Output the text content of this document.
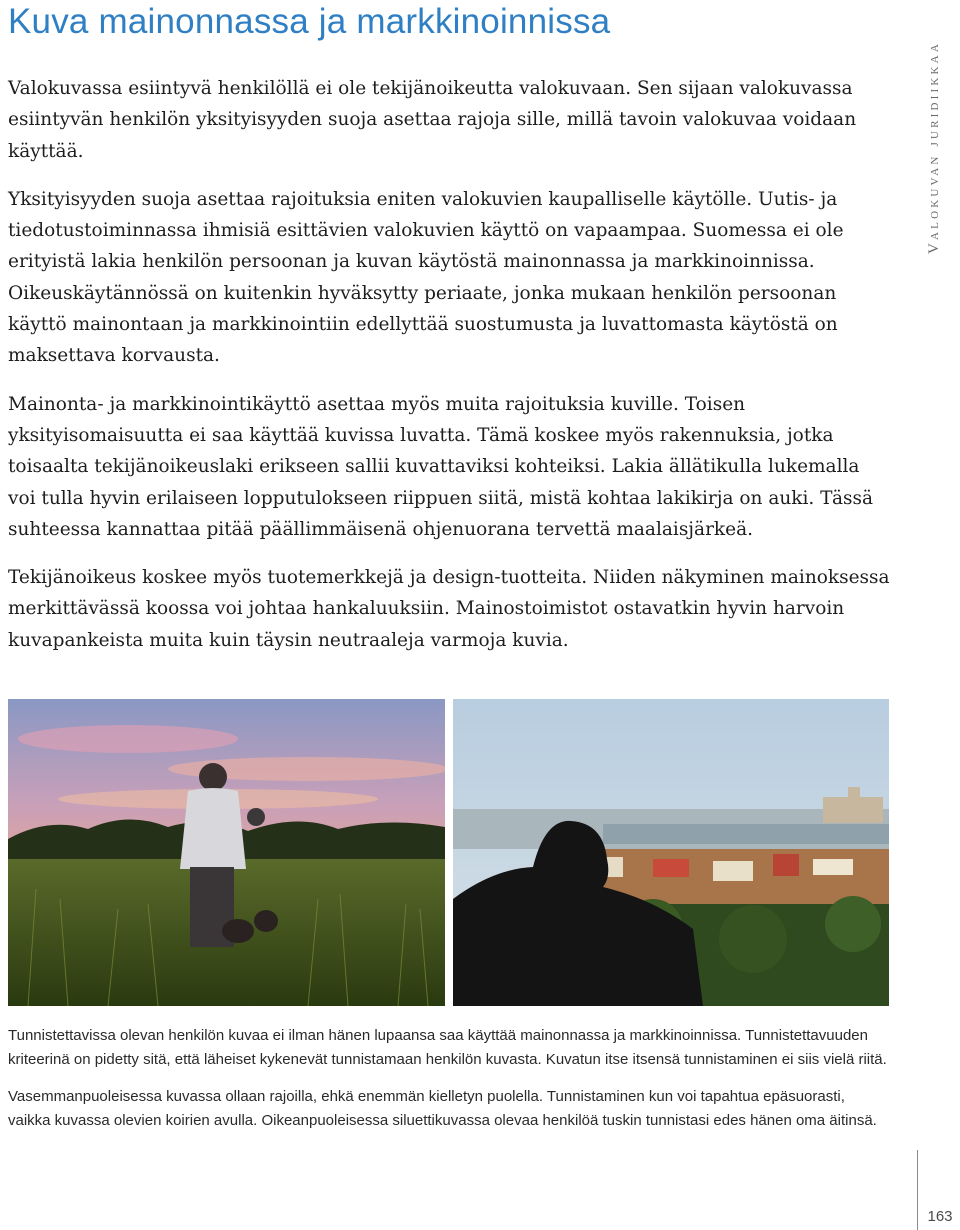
Kuva mainonnassa ja markkinoinnissa
Valokuvan juridiikkaa

Valokuvassa esiintyvä henkilöllä ei ole tekijänoikeutta valokuvaan. Sen sijaan valokuvassa esiintyvän henkilön yksityisyyden suoja asettaa rajoja sille, millä tavoin valokuvaa voidaan käyttää.

Yksityisyyden suoja asettaa rajoituksia eniten valokuvien kaupalliselle käytölle. Uutis- ja tiedotustoiminnassa ihmisiä esittävien valokuvien käyttö on vapaampaa. Suomessa ei ole erityistä lakia henkilön persoonan ja kuvan käytöstä mainonnassa ja markkinoinnissa. Oikeuskäytännössä on kuitenkin hyväksytty periaate, jonka mukaan henkilön persoonan käyttö mainontaan ja markkinointiin edellyttää suostumusta ja luvattomasta käytöstä on maksettava korvausta.

Mainonta- ja markkinointikäyttö asettaa myös muita rajoituksia kuville. Toisen yksityisomaisuutta ei saa käyttää kuvissa luvatta. Tämä koskee myös rakennuksia, jotka toisaalta tekijänoikeuslaki erikseen sallii kuvattaviksi kohteiksi. Lakia ällätikulla lukemalla voi tulla hyvin erilaiseen lopputulokseen riippuen siitä, mistä kohtaa lakikirja on auki. Tässä suhteessa kannattaa pitää päällimmäisenä ohjenuorana tervettä maalaisjärkeä.

Tekijänoikeus koskee myös tuotemerkkejä ja design-tuotteita. Niiden näkyminen mainoksessa merkittävässä koossa voi johtaa hankaluuksiin. Mainostoimistot ostavatkin hyvin harvoin kuvapankeista muita kuin täysin neutraaleja varmoja kuvia.

Tunnistettavissa olevan henkilön kuvaa ei ilman hänen lupaansa saa käyttää mainonnassa ja markkinoinnissa. Tunnistettavuuden kriteerinä on pidetty sitä, että läheiset kykenevät tunnistamaan henkilön kuvasta. Kuvatun itse itsensä tunnistaminen ei siis vielä riitä.

Vasemmanpuoleisessa kuvassa ollaan rajoilla, ehkä enemmän kielletyn puolella. Tunnistaminen kun voi tapahtua epäsuorasti, vaikka kuvassa olevien koirien avulla. Oikeanpuoleisessa siluettikuvassa olevaa henkilöä tuskin tunnistasi edes hänen oma äitinsä.

163
